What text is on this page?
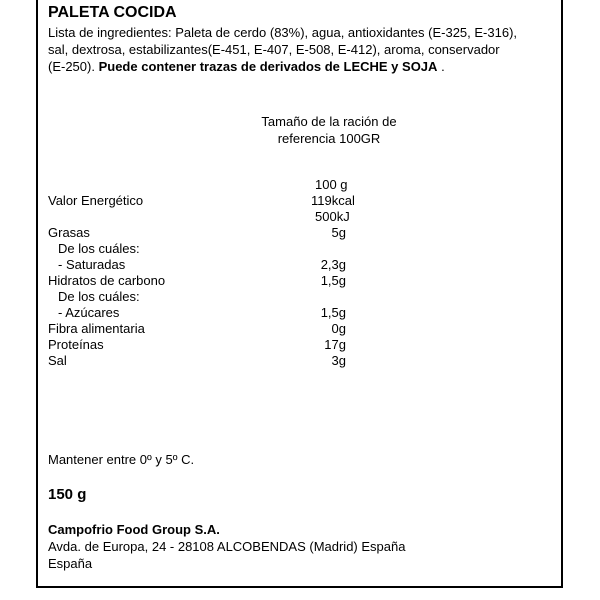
PALETA COCIDA
Lista de ingredientes: Paleta de cerdo (83%), agua, antioxidantes (E-325, E-316),
sal, dextrosa, estabilizantes(E-451, E-407, E-508, E-412), aroma, conservador
(E-250). Puede contener trazas de derivados de LECHE y SOJA .
Tamaño de la ración de
referencia 100GR
100 g
Valor Energético	119kcal
500kJ
Grasas	5g
De los cuáles:
- Saturadas	2,3g
Hidratos de carbono	1,5g
De los cuáles:
- Azúcares	1,5g
Fibra alimentaria	0g
Proteínas	17g
Sal	3g
Mantener entre 0º y 5º C.
150 g
Campofrio Food Group S.A.
Avda. de Europa, 24 - 28108 ALCOBENDAS (Madrid) España
España
